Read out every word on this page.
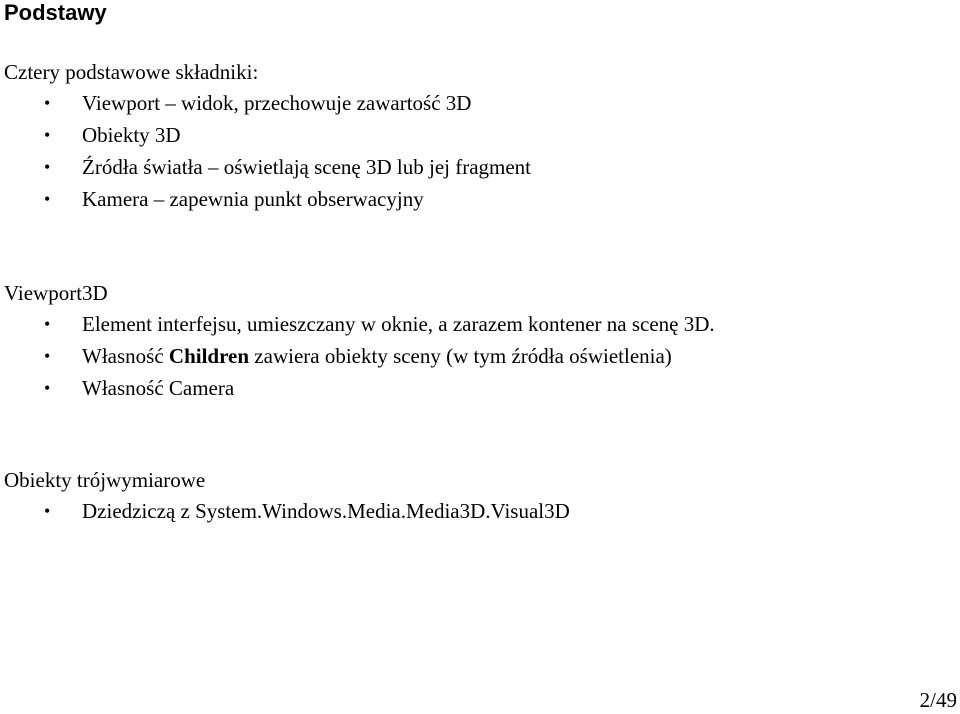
Podstawy
Cztery podstawowe składniki:
• Viewport – widok, przechowuje zawartość 3D
• Obiekty 3D
• Źródła światła – oświetlają scenę 3D lub jej fragment
• Kamera – zapewnia punkt obserwacyjny
Viewport3D
• Element interfejsu, umieszczany w oknie, a zarazem kontener na scenę 3D.
• Własność Children zawiera obiekty sceny (w tym źródła oświetlenia)
• Własność Camera
Obiekty trójwymiarowe
• Dziedziczą z System.Windows.Media.Media3D.Visual3D
2/49
